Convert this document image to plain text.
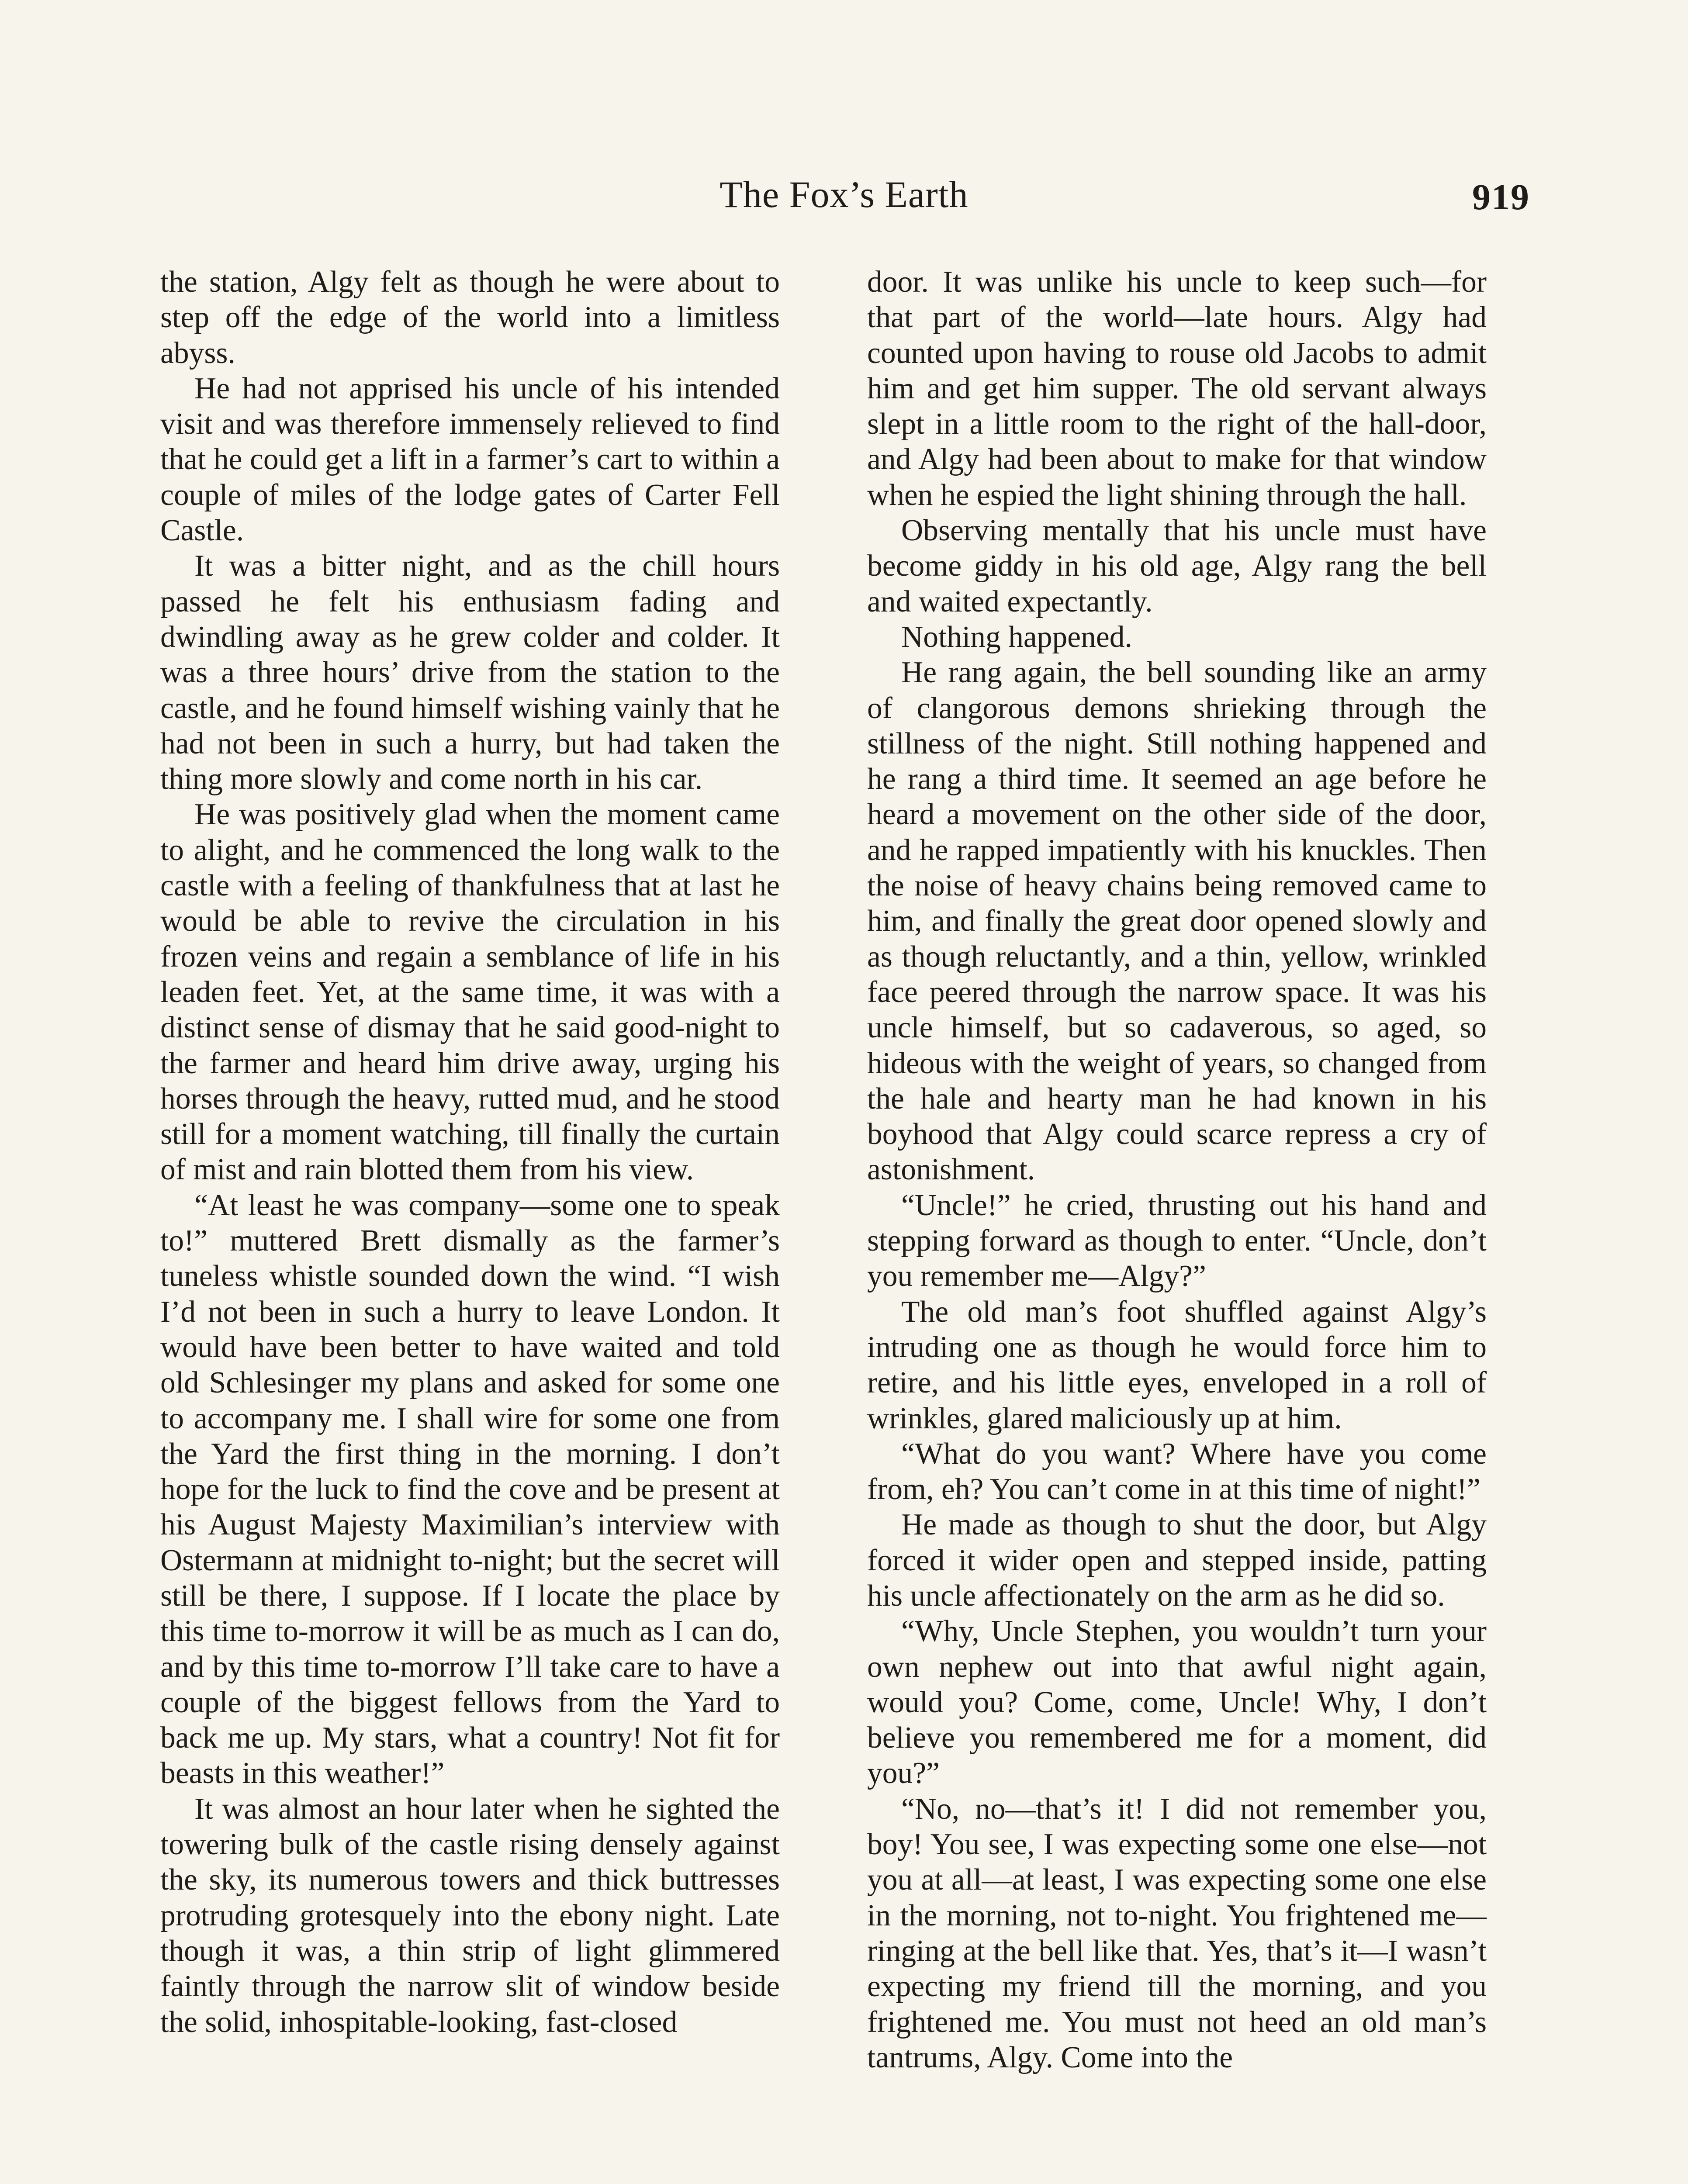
The Fox’s Earth	919

the station, Algy felt as though he were about to step off the edge of the world into a limitless abyss.

He had not apprised his uncle of his intended visit and was therefore immensely relieved to find that he could get a lift in a farmer’s cart to within a couple of miles of the lodge gates of Carter Fell Castle.

It was a bitter night, and as the chill hours passed he felt his enthusiasm fading and dwindling away as he grew colder and colder. It was a three hours’ drive from the station to the castle, and he found himself wishing vainly that he had not been in such a hurry, but had taken the thing more slowly and come north in his car.

He was positively glad when the moment came to alight, and he commenced the long walk to the castle with a feeling of thankfulness that at last he would be able to revive the circulation in his frozen veins and regain a semblance of life in his leaden feet. Yet, at the same time, it was with a distinct sense of dismay that he said good-night to the farmer and heard him drive away, urging his horses through the heavy, rutted mud, and he stood still for a moment watching, till finally the curtain of mist and rain blotted them from his view.

“At least he was company—some one to speak to!” muttered Brett dismally as the farmer’s tuneless whistle sounded down the wind. “I wish I’d not been in such a hurry to leave London. It would have been better to have waited and told old Schlesinger my plans and asked for some one to accompany me. I shall wire for some one from the Yard the first thing in the morning. I don’t hope for the luck to find the cove and be present at his August Majesty Maximilian’s interview with Ostermann at midnight to-night; but the secret will still be there, I suppose. If I locate the place by this time to-morrow it will be as much as I can do, and by this time to-morrow I’ll take care to have a couple of the biggest fellows from the Yard to back me up. My stars, what a country! Not fit for beasts in this weather!”

It was almost an hour later when he sighted the towering bulk of the castle rising densely against the sky, its numerous towers and thick buttresses protruding grotesquely into the ebony night. Late though it was, a thin strip of light glimmered faintly through the narrow slit of window beside the solid, inhospitable-looking, fast-closed

door. It was unlike his uncle to keep such—for that part of the world—late hours. Algy had counted upon having to rouse old Jacobs to admit him and get him supper. The old servant always slept in a little room to the right of the hall-door, and Algy had been about to make for that window when he espied the light shining through the hall.

Observing mentally that his uncle must have become giddy in his old age, Algy rang the bell and waited expectantly.

Nothing happened.

He rang again, the bell sounding like an army of clangorous demons shrieking through the stillness of the night. Still nothing happened and he rang a third time. It seemed an age before he heard a movement on the other side of the door, and he rapped impatiently with his knuckles. Then the noise of heavy chains being removed came to him, and finally the great door opened slowly and as though reluctantly, and a thin, yellow, wrinkled face peered through the narrow space. It was his uncle himself, but so cadaverous, so aged, so hideous with the weight of years, so changed from the hale and hearty man he had known in his boyhood that Algy could scarce repress a cry of astonishment.

“Uncle!” he cried, thrusting out his hand and stepping forward as though to enter. “Uncle, don’t you remember me—Algy?”

The old man’s foot shuffled against Algy’s intruding one as though he would force him to retire, and his little eyes, enveloped in a roll of wrinkles, glared maliciously up at him.

“What do you want? Where have you come from, eh? You can’t come in at this time of night!”

He made as though to shut the door, but Algy forced it wider open and stepped inside, patting his uncle affectionately on the arm as he did so.

“Why, Uncle Stephen, you wouldn’t turn your own nephew out into that awful night again, would you? Come, come, Uncle! Why, I don’t believe you remembered me for a moment, did you?”

“No, no—that’s it! I did not remember you, boy! You see, I was expecting some one else—not you at all—at least, I was expecting some one else in the morning, not to-night. You frightened me—ringing at the bell like that. Yes, that’s it—I wasn’t expecting my friend till the morning, and you frightened me. You must not heed an old man’s tantrums, Algy. Come into the
